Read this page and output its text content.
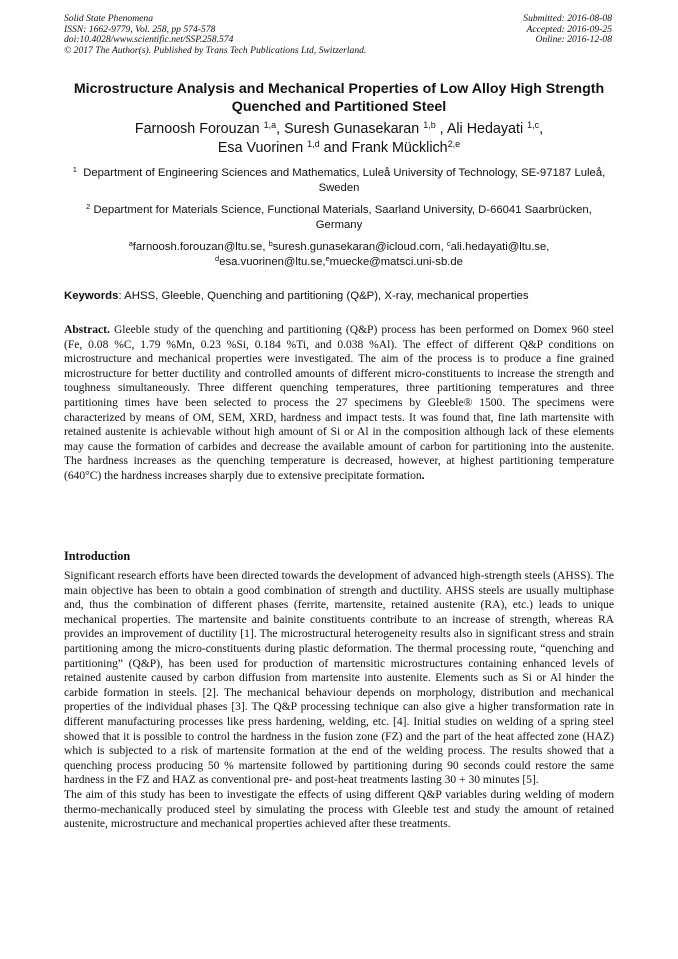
Solid State Phenomena
ISSN: 1662-9779, Vol. 258, pp 574-578
doi:10.4028/www.scientific.net/SSP.258.574
© 2017 The Author(s). Published by Trans Tech Publications Ltd, Switzerland.
Submitted: 2016-08-08
Accepted: 2016-09-25
Online: 2016-12-08
Microstructure Analysis and Mechanical Properties of Low Alloy High Strength Quenched and Partitioned Steel
Farnoosh Forouzan $^{1,a}$, Suresh Gunasekaran $^{1,b}$ , Ali Hedayati $^{1,c}$,
Esa Vuorinen $^{1,d}$ and Frank Mücklich$^{2,e}$
$^1$ Department of Engineering Sciences and Mathematics, Luleå University of Technology, SE-97187 Luleå, Sweden
$^2$ Department for Materials Science, Functional Materials, Saarland University, D-66041 Saarbrücken, Germany
$^a$farnoosh.forouzan@ltu.se, $^b$suresh.gunasekaran@icloud.com, $^c$ali.hedayati@ltu.se,
$^d$esa.vuorinen@ltu.se,$^e$muecke@matsci.uni-sb.de
Keywords: AHSS, Gleeble, Quenching and partitioning (Q&P), X-ray, mechanical properties
Abstract. Gleeble study of the quenching and partitioning (Q&P) process has been performed on Domex 960 steel (Fe, 0.08 %C, 1.79 %Mn, 0.23 %Si, 0.184 %Ti, and 0.038 %Al). The effect of different Q&P conditions on microstructure and mechanical properties were investigated. The aim of the process is to produce a fine grained microstructure for better ductility and controlled amounts of different micro-constituents to increase the strength and toughness simultaneously. Three different quenching temperatures, three partitioning temperatures and three partitioning times have been selected to process the 27 specimens by Gleeble® 1500. The specimens were characterized by means of OM, SEM, XRD, hardness and impact tests. It was found that, fine lath martensite with retained austenite is achievable without high amount of Si or Al in the composition although lack of these elements may cause the formation of carbides and decrease the available amount of carbon for partitioning into the austenite. The hardness increases as the quenching temperature is decreased, however, at highest partitioning temperature (640°C) the hardness increases sharply due to extensive precipitate formation.
Introduction

Significant research efforts have been directed towards the development of advanced high-strength steels (AHSS). The main objective has been to obtain a good combination of strength and ductility. AHSS steels are usually multiphase and, thus the combination of different phases (ferrite, martensite, retained austenite (RA), etc.) leads to unique mechanical properties. The martensite and bainite constituents contribute to an increase of strength, whereas RA provides an improvement of ductility [1]. The microstructural heterogeneity results also in significant stress and strain partitioning among the micro-constituents during plastic deformation. The thermal processing route, “quenching and partitioning” (Q&P), has been used for production of martensitic microstructures containing enhanced levels of retained austenite caused by carbon diffusion from martensite into austenite. Elements such as Si or Al hinder the carbide formation in steels. [2]. The mechanical behaviour depends on morphology, distribution and mechanical properties of the individual phases [3]. The Q&P processing technique can also give a higher transformation rate in different manufacturing processes like press hardening, welding, etc. [4]. Initial studies on welding of a spring steel showed that it is possible to control the hardness in the fusion zone (FZ) and the part of the heat affected zone (HAZ) which is subjected to a risk of martensite formation at the end of the welding process. The results showed that a quenching process producing 50 % martensite followed by partitioning during 90 seconds could restore the same hardness in the FZ and HAZ as conventional pre- and post-heat treatments lasting 30 + 30 minutes [5].

The aim of this study has been to investigate the effects of using different Q&P variables during welding of modern thermo-mechanically produced steel by simulating the process with Gleeble test and study the amount of retained austenite, microstructure and mechanical properties achieved after these treatments.
